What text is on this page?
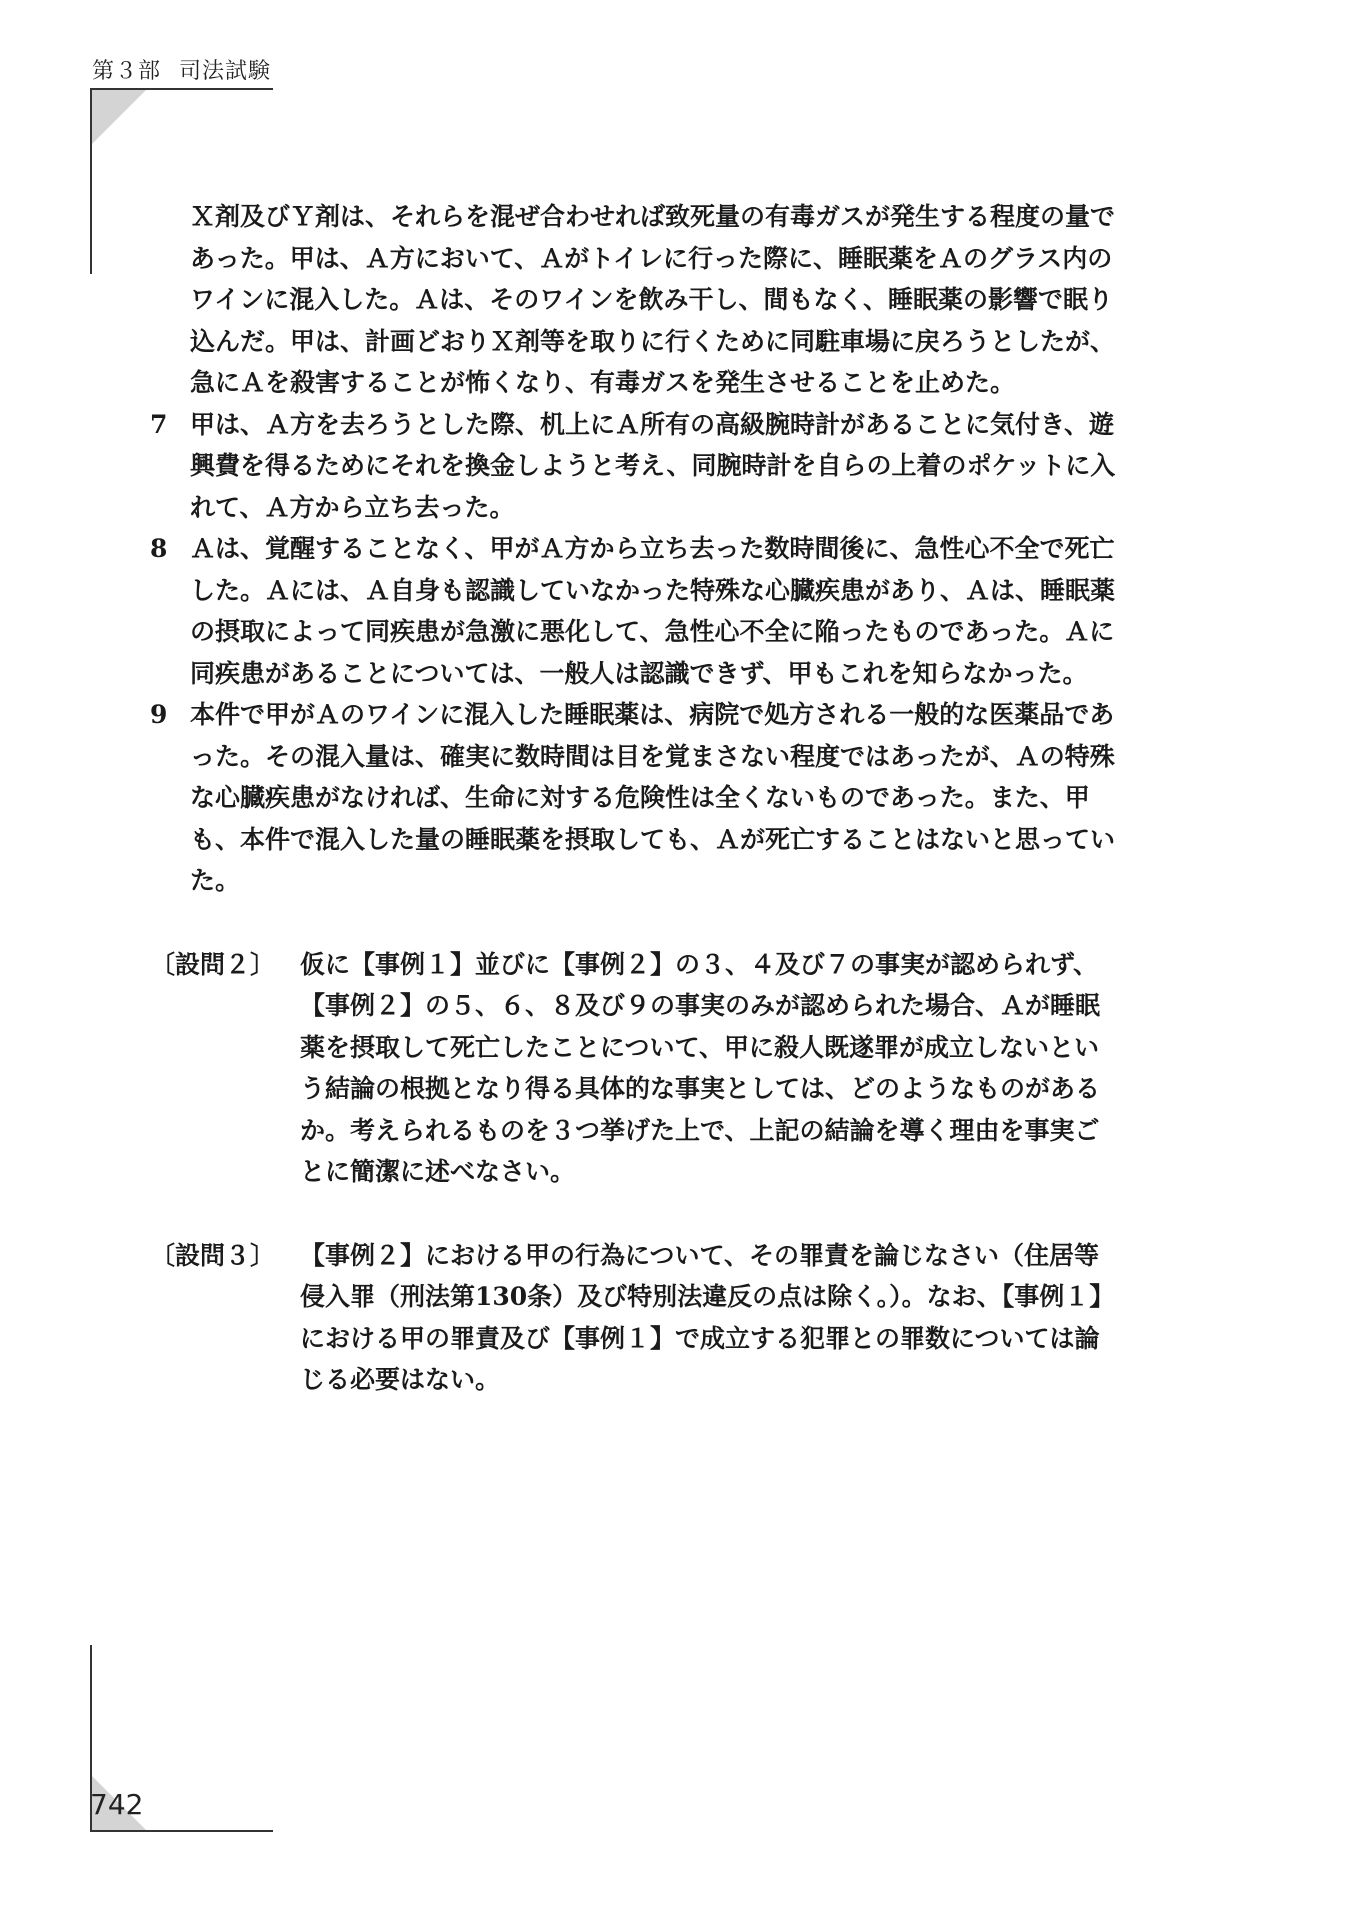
第３部 司法試験

Ｘ剤及びＹ剤は、それらを混ぜ合わせれば致死量の有毒ガスが発生する程度の量であった。甲は、Ａ方において、Ａがトイレに行った際に、睡眠薬をＡのグラス内のワインに混入した。Ａは、そのワインを飲み干し、間もなく、睡眠薬の影響で眠り込んだ。甲は、計画どおりＸ剤等を取りに行くために同駐車場に戻ろうとしたが、急にＡを殺害することが怖くなり、有毒ガスを発生させることを止めた。

7 甲は、Ａ方を去ろうとした際、机上にＡ所有の高級腕時計があることに気付き、遊興費を得るためにそれを換金しようと考え、同腕時計を自らの上着のポケットに入れて、Ａ方から立ち去った。
8 Ａは、覚醒することなく、甲がＡ方から立ち去った数時間後に、急性心不全で死亡した。Ａには、Ａ自身も認識していなかった特殊な心臓疾患があり、Ａは、睡眠薬の摂取によって同疾患が急激に悪化して、急性心不全に陥ったものであった。Ａに同疾患があることについては、一般人は認識できず、甲もこれを知らなかった。
9 本件で甲がＡのワインに混入した睡眠薬は、病院で処方される一般的な医薬品であった。その混入量は、確実に数時間は目を覚まさない程度ではあったが、Ａの特殊な心臓疾患がなければ、生命に対する危険性は全くないものであった。また、甲も、本件で混入した量の睡眠薬を摂取しても、Ａが死亡することはないと思っていた。
〔設問２〕 仮に【事例１】並びに【事例２】の３、４及び７の事実が認められず、【事例２】の５、６、８及び９の事実のみが認められた場合、Ａが睡眠薬を摂取して死亡したことについて、甲に殺人既遂罪が成立しないという結論の根拠となり得る具体的な事実としては、どのようなものがあるか。考えられるものを３つ挙げた上で、上記の結論を導く理由を事実ごとに簡潔に述べなさい。
〔設問３〕 【事例２】における甲の行為について、その罪責を論じなさい（住居等侵入罪（刑法第130条）及び特別法違反の点は除く。）。なお、【事例１】における甲の罪責及び【事例１】で成立する犯罪との罪数については論じる必要はない。
742
